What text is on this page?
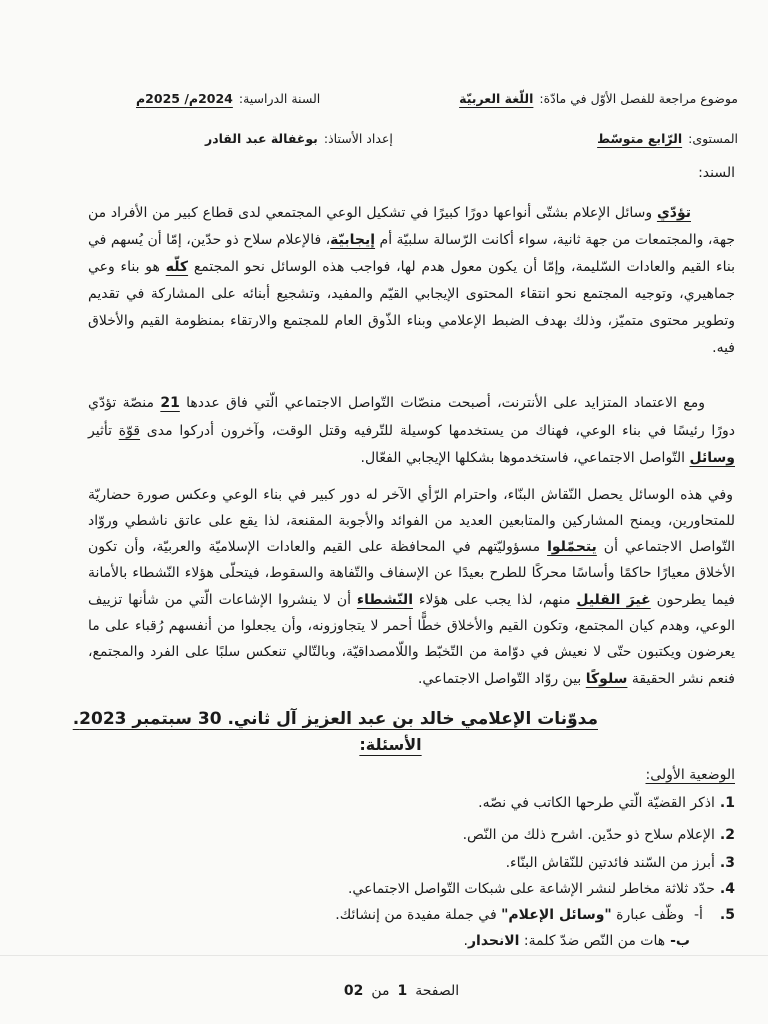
موضوع مراجعة للفصل الأوّل في مادّة:اللّغة العربيّة
السنة الدراسية:2024م/ 2025م
المستوى:الرّابع متوسّط
إعداد الأستاذ:بوغفالة عبد القادر
السند:

تؤدّي وسائل الإعلام بشتّى أنواعها دورًا كبيرًا في تشكيل الوعي المجتمعي لدى قطاع كبير من الأفراد من جهة، والمجتمعات من جهة ثانية، سواء أكانت الرّسالة سلبيّة أم إيجابيّة، فالإعلام سلاح ذو حدّين، إمّا أن يُسهم في بناء القيم والعادات السّليمة، وإمّا أن يكون معول هدم لها، فواجب هذه الوسائل نحو المجتمع كلّه هو بناء وعي جماهيري، وتوجيه المجتمع نحو انتقاء المحتوى الإيجابي القيّم والمفيد، وتشجيع أبنائه على المشاركة في تقديم وتطوير محتوى متميّز، وذلك بهدف الضبط الإعلامي وبناء الذّوق العام للمجتمع والارتقاء بمنظومة القيم والأخلاق فيه.

ومع الاعتماد المتزايد على الأنترنت، أصبحت منصّات التّواصل الاجتماعي الّتي فاق عددها 21 منصّة تؤدّي دورًا رئيسًا في بناء الوعي، فهناك من يستخدمها كوسيلة للتّرفيه وقتل الوقت، وآخرون أدركوا مدى قوّة تأثير وسائل التّواصل الاجتماعي، فاستخدموها بشكلها الإيجابي الفعّال.

وفي هذه الوسائل يحصل النّقاش البنّاء، واحترام الرّأي الآخر له دور كبير في بناء الوعي وعكس صورة حضاريّة للمتحاورين، ويمنح المشاركين والمتابعين العديد من الفوائد والأجوبة المقنعة، لذا يقع على عاتق ناشطي وروّاد التّواصل الاجتماعي أن يتحمّلوا مسؤوليّتهم في المحافظة على القيم والعادات الإسلاميّة والعربيّة، وأن تكون الأخلاق معيارًا حاكمًا وأساسًا محركًا للطرح بعيدًا عن الإسفاف والتّفاهة والسقوط، فيتحلّى هؤلاء النّشطاء بالأمانة فيما يطرحون غيرَ القليل منهم، لذا يجب على هؤلاء النّشطاء أن لا ينشروا الإشاعات الّتي من شأنها تزييف الوعي، وهدم كيان المجتمع، وتكون القيم والأخلاق خطًّا أحمر لا يتجاوزونه، وأن يجعلوا من أنفسهم رُقباء على ما يعرضون ويكتبون حتّى لا نعيش في دوّامة من التّخبّط واللّامصداقيّة، وبالتّالي تنعكس سلبًا على الفرد والمجتمع، فنعم نشر الحقيقة سلوكًا بين روّاد التّواصل الاجتماعي.

مدوّنات الإعلامي خالد بن عبد العزيز آل ثاني. 30 سبتمبر 2023.
الأسئلة:
الوضعية الأولى:
1.اذكر القضيّة الّتي طرحها الكاتب في نصّه.
2.الإعلام سلاح ذو حدّين. اشرح ذلك من النّص.
3.أبرز من السّند فائدتين للنّقاش البنّاء.
4.حدّد ثلاثة مخاطر لنشر الإشاعة على شبكات التّواصل الاجتماعي.
5.أ-وظّف عبارة "وسائل الإعلام" في جملة مفيدة من إنشائك.
ب-هات من النّص ضدّ كلمة: الانحدار.
الصفحة1من02
